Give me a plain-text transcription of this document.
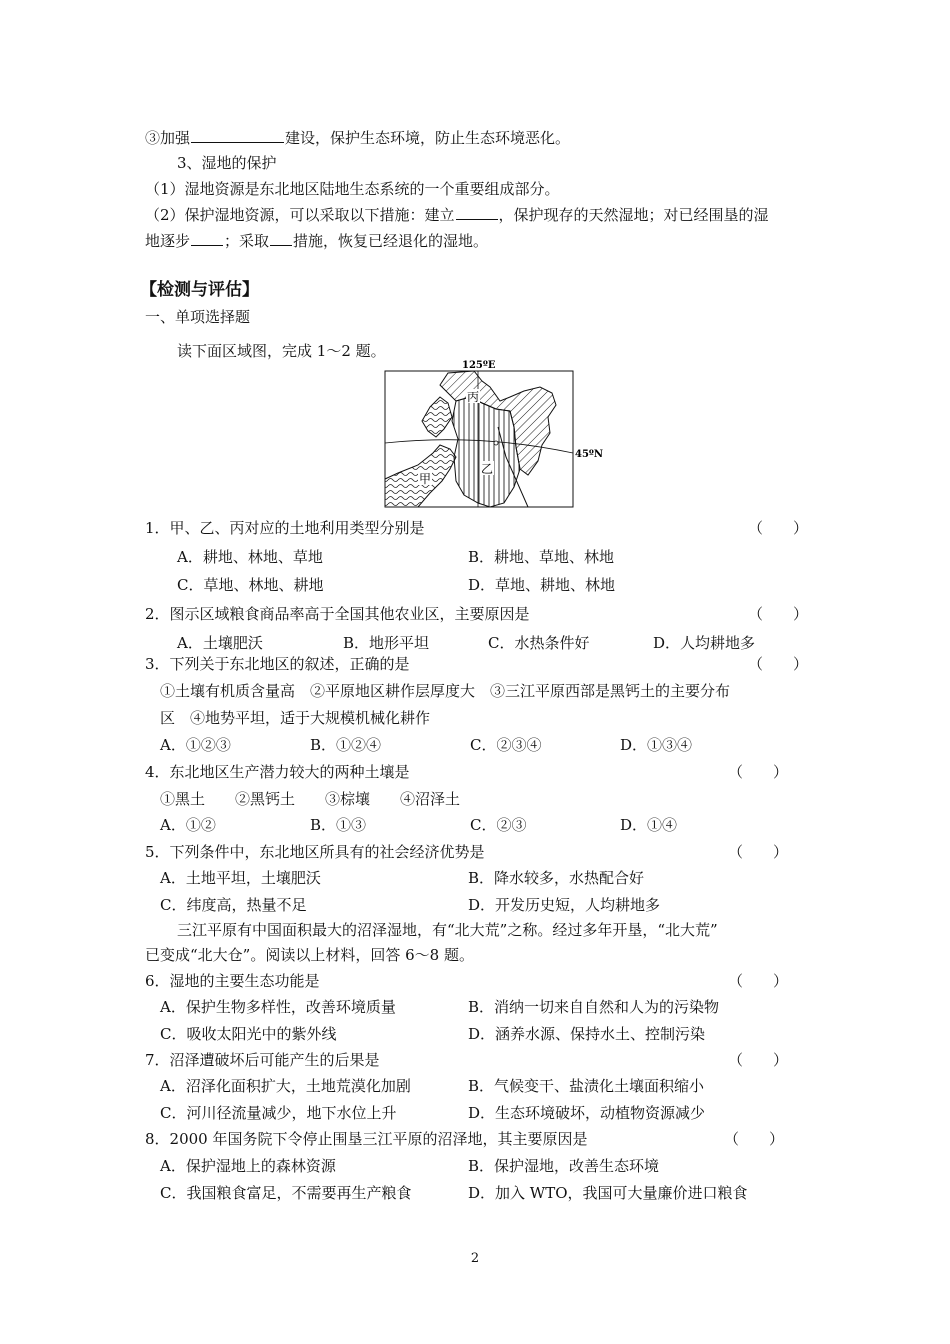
③加强	建设，保护生态环境，防止生态环境恶化。
3、湿地的保护
（1）湿地资源是东北地区陆地生态系统的一个重要组成部分。
（2）保护湿地资源，可以采取以下措施：建立	，保护现存的天然湿地；对已经围垦的湿
地逐步 ；采取 措施，恢复已经退化的湿地。
【检测与评估】
一、单项选择题
读下面区域图，完成 1～2 题。
125ºE
45ºN
甲
乙
丙
1．甲、乙、丙对应的土地利用类型分别是	（　　）
A．耕地、林地、草地	B．耕地、草地、林地
C．草地、林地、耕地	D．草地、耕地、林地
2．图示区域粮食商品率高于全国其他农业区，主要原因是	（　　）
A．土壤肥沃	B．地形平坦	C．水热条件好	D．人均耕地多
3．下列关于东北地区的叙述，正确的是	（　　）
①土壤有机质含量高　②平原地区耕作层厚度大　③三江平原西部是黑钙土的主要分布
区　④地势平坦，适于大规模机械化耕作
A．①②③	B．①②④	C．②③④	D．①③④
4．东北地区生产潜力较大的两种土壤是	（　　）
①黑土　　②黑钙土　　③棕壤　　④沼泽土
A．①②	B．①③	C．②③	D．①④
5．下列条件中，东北地区所具有的社会经济优势是	（　　）
A．土地平坦，土壤肥沃	B．降水较多，水热配合好
C．纬度高，热量不足	D．开发历史短，人均耕地多
三江平原有中国面积最大的沼泽湿地，有“北大荒”之称。经过多年开垦，“北大荒”
已变成“北大仓”。阅读以上材料，回答 6～8 题。
6．湿地的主要生态功能是	（　　）
A．保护生物多样性，改善环境质量	B．消纳一切来自自然和人为的污染物
C．吸收太阳光中的紫外线	D．涵养水源、保持水土、控制污染
7．沼泽遭破坏后可能产生的后果是	（　　）
A．沼泽化面积扩大，土地荒漠化加剧	B．气候变干、盐渍化土壤面积缩小
C．河川径流量减少，地下水位上升	D．生态环境破坏，动植物资源减少
8．2000 年国务院下令停止围垦三江平原的沼泽地，其主要原因是	（　　）
A．保护湿地上的森林资源	B．保护湿地，改善生态环境
C．我国粮食富足，不需要再生产粮食	D．加入 WTO，我国可大量廉价进口粮食
2
